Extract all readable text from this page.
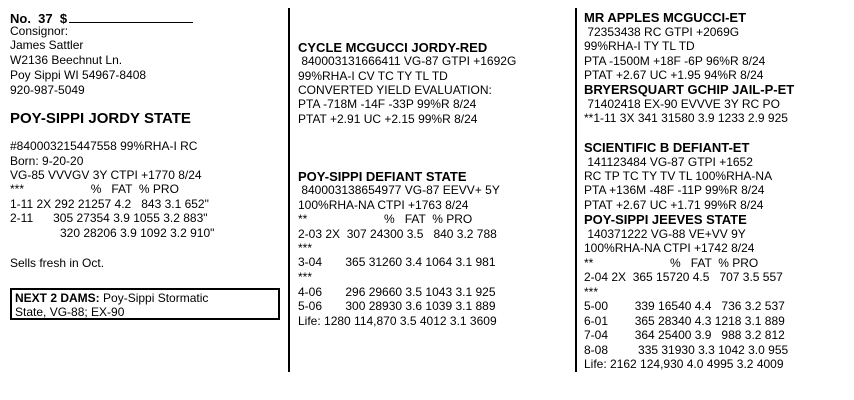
No.  37  $
Consignor:
James Sattler
W2136 Beechnut Ln.
Poy Sippi WI 54967-8408
920-987-5049
POY-SIPPI JORDY STATE
#840003215447558 99%RHA-I RC
Born: 9-20-20
VG-85 VVVGV 3Y CTPI +1770 8/24
***                    %   FAT  % PRO
1-11 2X 292 21257 4.2   843 3.1 652"
2-11      305 27354 3.9 1055 3.2 883"
320 28206 3.9 1092 3.2 910"
Sells fresh in Oct.
NEXT 2 DAMS: Poy-Sippi Stormatic
State, VG-88; EX-90
CYCLE MCGUCCI JORDY-RED
840003131666411 VG-87 GTPI +1692G
99%RHA-I CV TC TY TL TD
CONVERTED YIELD EVALUATION:
PTA -718M -14F -33P 99%R 8/24
PTAT +2.91 UC +2.15 99%R 8/24
POY-SIPPI DEFIANT STATE
840003138654977 VG-87 EEVV+ 5Y
100%RHA-NA CTPI +1763 8/24
**                       %   FAT  % PRO
2-03 2X  307 24300 3.5   840 3.2 788
***
3-04       365 31260 3.4 1064 3.1 981
***
4-06       296 29660 3.5 1043 3.1 925
5-06       300 28930 3.6 1039 3.1 889
Life: 1280 114,870 3.5 4012 3.1 3609
MR APPLES MCGUCCI-ET
72353438 RC GTPI +2069G
99%RHA-I TY TL TD
PTA -1500M +18F -6P 96%R 8/24
PTAT +2.67 UC +1.95 94%R 8/24
BRYERSQUART GCHIP JAIL-P-ET
71402418 EX-90 EVVVE 3Y RC PO
**1-11 3X 341 31580 3.9 1233 2.9 925
SCIENTIFIC B DEFIANT-ET
141123484 VG-87 GTPI +1652
RC TP TC TY TV TL 100%RHA-NA
PTA +136M -48F -11P 99%R 8/24
PTAT +2.67 UC +1.71 99%R 8/24
POY-SIPPI JEEVES STATE
140371222 VG-88 VE+VV 9Y
100%RHA-NA CTPI +1742 8/24
**                       %   FAT  % PRO
2-04 2X  365 15720 4.5   707 3.5 557
***
5-00        339 16540 4.4   736 3.2 537
6-01        365 28340 4.3 1218 3.1 889
7-04        364 25400 3.9   988 3.2 812
8-08         335 31930 3.3 1042 3.0 955
Life: 2162 124,930 4.0 4995 3.2 4009
